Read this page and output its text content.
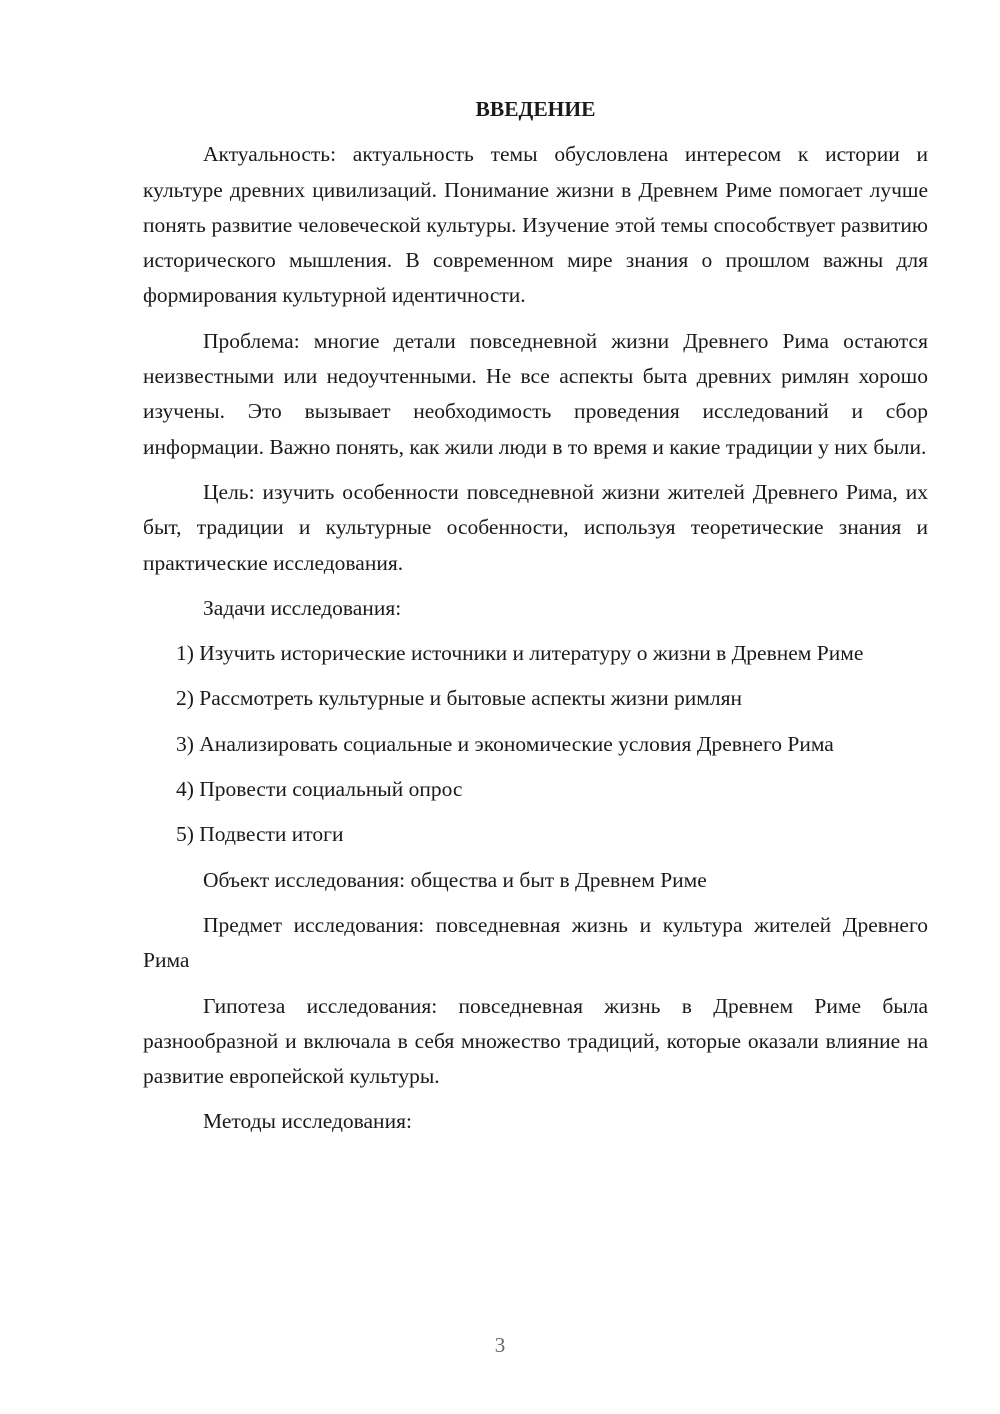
ВВЕДЕНИЕ

Актуальность: актуальность темы обусловлена интересом к истории и культуре древних цивилизаций. Понимание жизни в Древнем Риме помогает лучше понять развитие человеческой культуры. Изучение этой темы способствует развитию исторического мышления. В современном мире знания о прошлом важны для формирования культурной идентичности.

Проблема: многие детали повседневной жизни Древнего Рима остаются неизвестными или недоучтенными. Не все аспекты быта древних римлян хорошо изучены. Это вызывает необходимость проведения исследований и сбор информации. Важно понять, как жили люди в то время и какие традиции у них были.

Цель: изучить особенности повседневной жизни жителей Древнего Рима, их быт, традиции и культурные особенности, используя теоретические знания и практические исследования.

Задачи исследования:

1) Изучить исторические источники и литературу о жизни в Древнем Риме

2) Рассмотреть культурные и бытовые аспекты жизни римлян

3) Анализировать социальные и экономические условия Древнего Рима

4) Провести социальный опрос

5) Подвести итоги

Объект исследования: общества и быт в Древнем Риме

Предмет исследования: повседневная жизнь и культура жителей Древнего Рима

Гипотеза исследования: повседневная жизнь в Древнем Риме была разнообразной и включала в себя множество традиций, которые оказали влияние на развитие европейской культуры.

Методы исследования:

3
